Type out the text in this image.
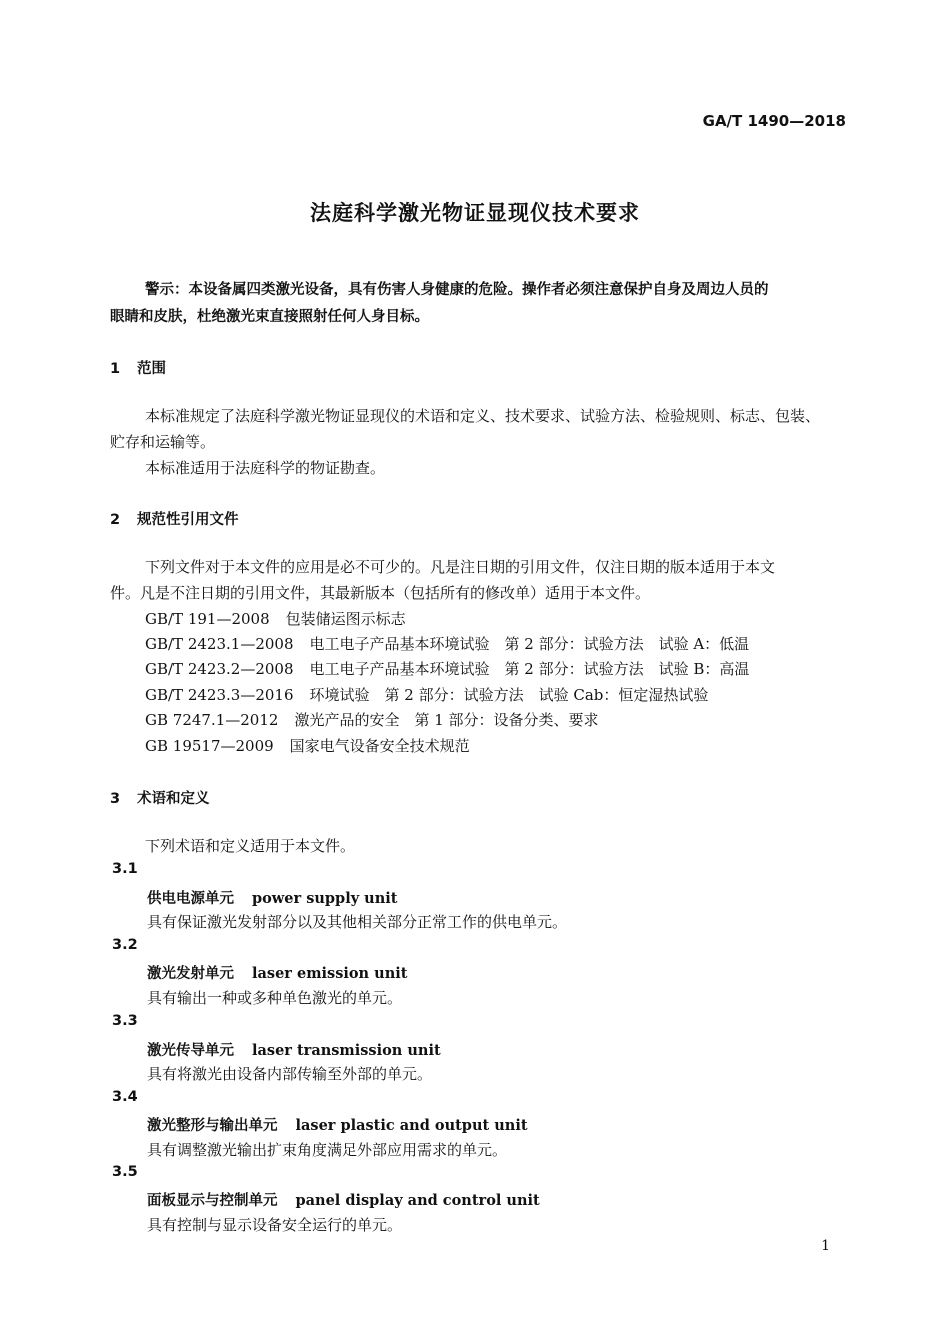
GA/T 1490—2018
法庭科学激光物证显现仪技术要求
警示：本设备属四类激光设备，具有伤害人身健康的危险。操作者必须注意保护自身及周边人员的
眼睛和皮肤，杜绝激光束直接照射任何人身目标。
1 范围
本标准规定了法庭科学激光物证显现仪的术语和定义、技术要求、试验方法、检验规则、标志、包装、
贮存和运输等。
本标准适用于法庭科学的物证勘查。
2 规范性引用文件
下列文件对于本文件的应用是必不可少的。凡是注日期的引用文件，仅注日期的版本适用于本文
件。凡是不注日期的引用文件，其最新版本（包括所有的修改单）适用于本文件。
GB/T 191—2008 包装储运图示标志
GB/T 2423.1—2008 电工电子产品基本环境试验　第 2 部分：试验方法　试验 A：低温
GB/T 2423.2—2008 电工电子产品基本环境试验　第 2 部分：试验方法　试验 B：高温
GB/T 2423.3—2016 环境试验　第 2 部分：试验方法　试验 Cab：恒定湿热试验
GB 7247.1—2012 激光产品的安全　第 1 部分：设备分类、要求
GB 19517—2009 国家电气设备安全技术规范
3 术语和定义
下列术语和定义适用于本文件。
3.1
供电电源单元 power supply unit
具有保证激光发射部分以及其他相关部分正常工作的供电单元。
3.2
激光发射单元 laser emission unit
具有输出一种或多种单色激光的单元。
3.3
激光传导单元 laser transmission unit
具有将激光由设备内部传输至外部的单元。
3.4
激光整形与输出单元 laser plastic and output unit
具有调整激光输出扩束角度满足外部应用需求的单元。
3.5
面板显示与控制单元 panel display and control unit
具有控制与显示设备安全运行的单元。
1
